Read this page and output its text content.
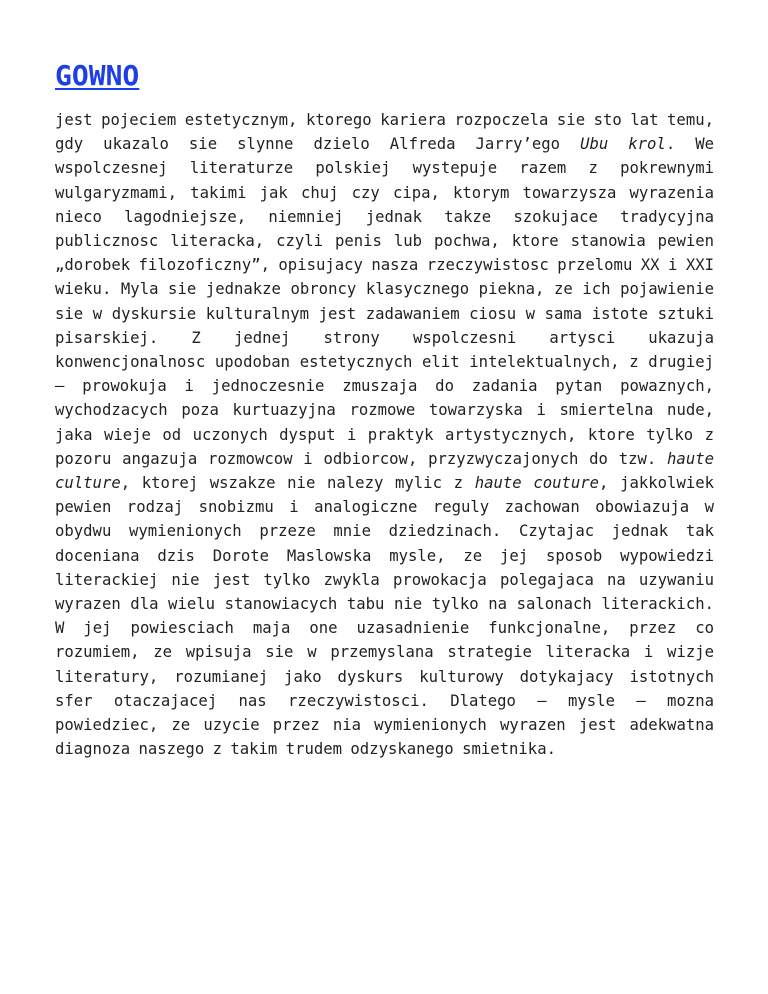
GOWNO

jest pojeciem estetycznym, ktorego kariera rozpoczela sie sto lat temu, gdy ukazalo sie slynne dzielo Alfreda Jarry’ego Ubu krol. We wspolczesnej literaturze polskiej wystepuje razem z pokrewnymi wulgaryzmami, takimi jak chuj czy cipa, ktorym towarzysza wyrazenia nieco lagodniejsze, niemniej jednak takze szokujace tradycyjna publicznosc literacka, czyli penis lub pochwa, ktore stanowia pewien „dorobek filozoficzny”, opisujacy nasza rzeczywistosc przelomu XX i XXI wieku. Myla sie jednakze obroncy klasycznego piekna, ze ich pojawienie sie w dyskursie kulturalnym jest zadawaniem ciosu w sama istote sztuki pisarskiej. Z jednej strony wspolczesni artysci ukazuja konwencjonalnosc upodoban estetycznych elit intelektualnych, z drugiej – prowokuja i jednoczesnie zmuszaja do zadania pytan powaznych, wychodzacych poza kurtuazyjna rozmowe towarzyska i smiertelna nude, jaka wieje od uczonych dysput i praktyk artystycznych, ktore tylko z pozoru angazuja rozmowcow i odbiorcow, przyzwyczajonych do tzw. haute culture, ktorej wszakze nie nalezy mylic z haute couture, jakkolwiek pewien rodzaj snobizmu i analogiczne reguly zachowan obowiazuja w obydwu wymienionych przeze mnie dziedzinach. Czytajac jednak tak doceniana dzis Dorote Maslowska mysle, ze jej sposob wypowiedzi literackiej nie jest tylko zwykla prowokacja polegajaca na uzywaniu wyrazen dla wielu stanowiacych tabu nie tylko na salonach literackich. W jej powiesciach maja one uzasadnienie funkcjonalne, przez co rozumiem, ze wpisuja sie w przemyslana strategie literacka i wizje literatury, rozumianej jako dyskurs kulturowy dotykajacy istotnych sfer otaczajacej nas rzeczywistosci. Dlatego – mysle – mozna powiedziec, ze uzycie przez nia wymienionych wyrazen jest adekwatna diagnoza naszego z takim trudem odzyskanego smietnika.
